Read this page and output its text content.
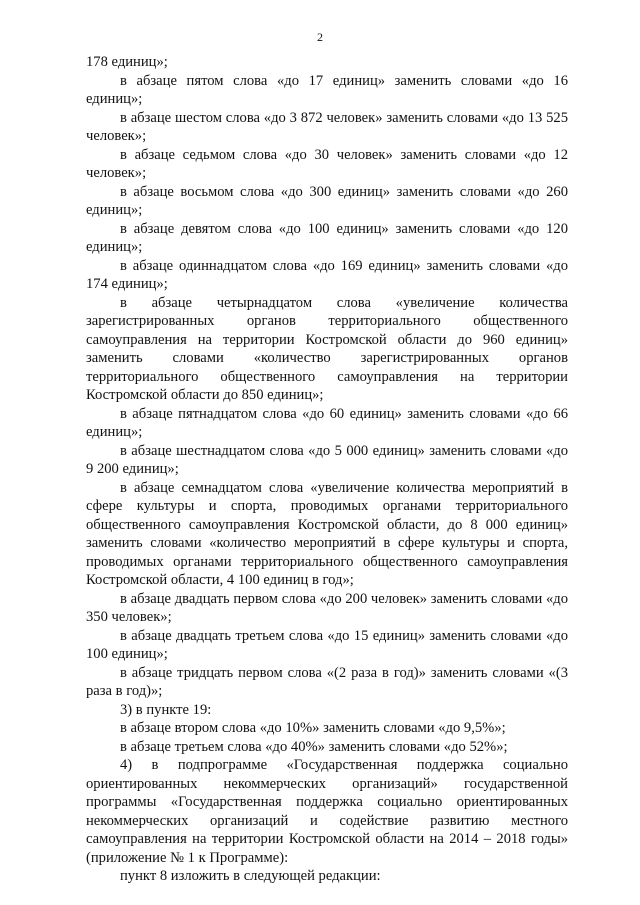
2

178 единиц»;

в абзаце пятом слова «до 17 единиц» заменить словами «до 16 единиц»;

в абзаце шестом слова «до 3 872 человек» заменить словами «до 13 525 человек»;

в абзаце седьмом слова «до 30 человек» заменить словами «до 12 человек»;

в абзаце восьмом слова «до 300 единиц» заменить словами «до 260 единиц»;

в абзаце девятом слова «до 100 единиц» заменить словами «до 120 единиц»;

в абзаце одиннадцатом слова «до 169 единиц» заменить словами «до 174 единиц»;

в абзаце четырнадцатом слова «увеличение количества зарегистрированных органов территориального общественного самоуправления на территории Костромской области до 960 единиц» заменить словами «количество зарегистрированных органов территориального общественного самоуправления на территории Костромской области до 850 единиц»;

в абзаце пятнадцатом слова «до 60 единиц» заменить словами «до 66 единиц»;

в абзаце шестнадцатом слова «до 5 000 единиц» заменить словами «до 9 200 единиц»;

в абзаце семнадцатом слова «увеличение количества мероприятий в сфере культуры и спорта, проводимых органами территориального общественного самоуправления Костромской области, до 8 000 единиц» заменить словами «количество мероприятий в сфере культуры и спорта, проводимых органами территориального общественного самоуправления Костромской области, 4 100 единиц в год»;

в абзаце двадцать первом слова «до 200 человек» заменить словами «до 350 человек»;

в абзаце двадцать третьем слова «до 15 единиц» заменить словами «до 100 единиц»;

в абзаце тридцать первом слова «(2 раза в год)» заменить словами «(3 раза в год)»;

3) в пункте 19:

в абзаце втором слова «до 10%» заменить словами «до 9,5%»;

в абзаце третьем слова «до 40%» заменить словами «до 52%»;

4) в подпрограмме «Государственная поддержка социально ориентированных некоммерческих организаций» государственной программы «Государственная поддержка социально ориентированных некоммерческих организаций и содействие развитию местного самоуправления на территории Костромской области на 2014 – 2018 годы» (приложение № 1 к Программе):

пункт 8 изложить в следующей редакции:
